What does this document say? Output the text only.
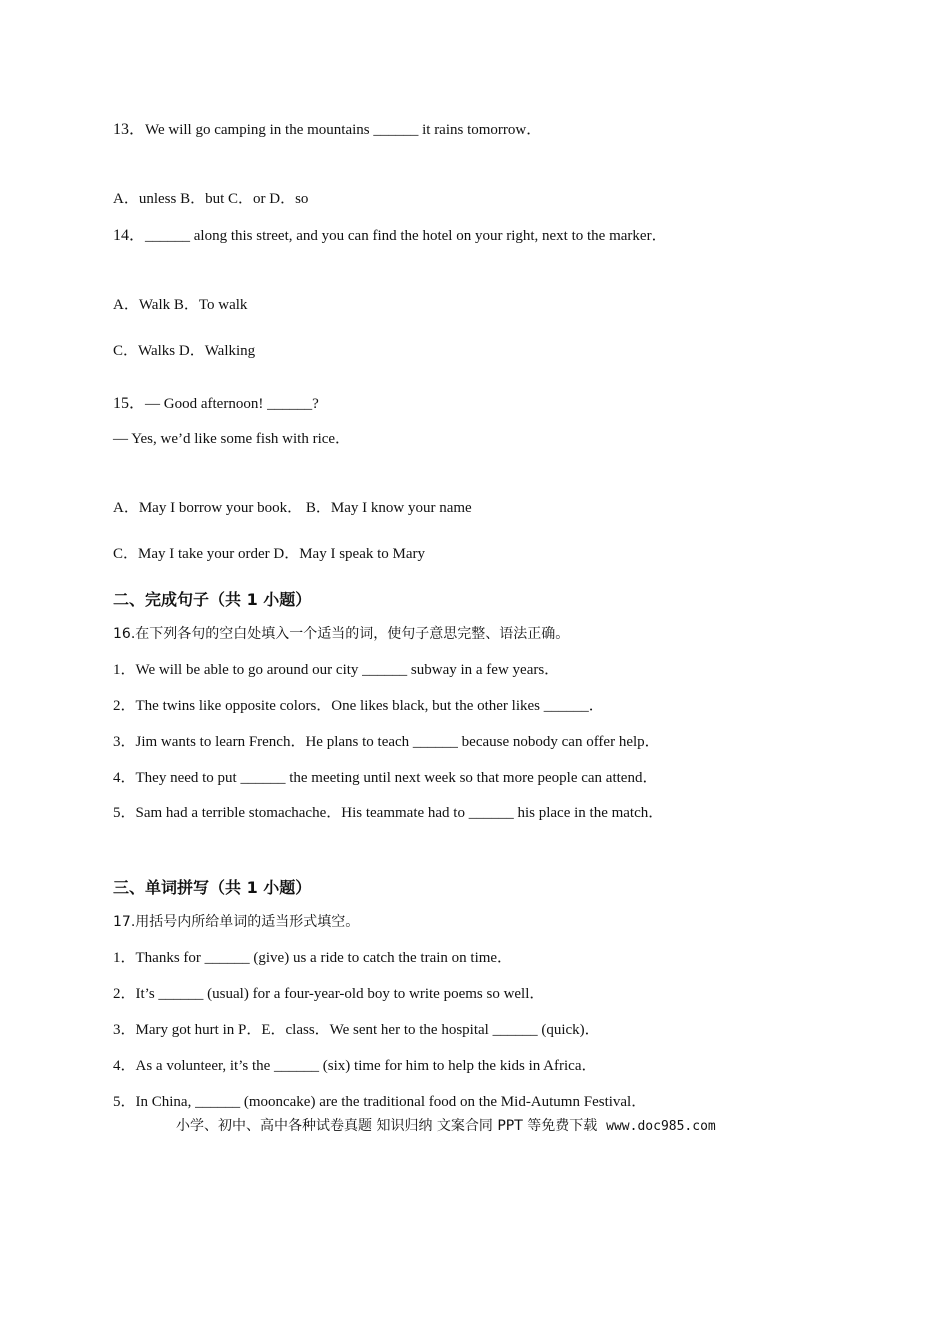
13．We will go camping in the mountains ______ it rains tomorrow．
A．unless B．but C．or D．so
14．______ along this street, and you can find the hotel on your right, next to the marker．
A．Walk B．To walk
C．Walks D．Walking
15．— Good afternoon! ______?
— Yes, we’d like some fish with rice．
A．May I borrow your book． B．May I know your name
C．May I take your order D．May I speak to Mary
二、完成句子（共 1 小题）
16.在下列各句的空白处填入一个适当的词，使句子意思完整、语法正确。
1．We will be able to go around our city ______ subway in a few years．
2．The twins like opposite colors．One likes black, but the other likes ______．
3．Jim wants to learn French．He plans to teach ______ because nobody can offer help．
4．They need to put ______ the meeting until next week so that more people can attend．
5．Sam had a terrible stomachache．His teammate had to ______ his place in the match．
三、单词拼写（共 1 小题）
17.用括号内所给单词的适当形式填空。
1．Thanks for ______ (give) us a ride to catch the train on time．
2．It’s ______ (usual) for a four-year-old boy to write poems so well．
3．Mary got hurt in P．E．class．We sent her to the hospital ______ (quick)．
4．As a volunteer, it’s the ______ (six) time for him to help the kids in Africa．
5．In China, ______ (mooncake) are the traditional food on the Mid-Autumn Festival．
小学、初中、高中各种试卷真题 知识归纳 文案合同 PPT 等免费下载 www.doc985.com
